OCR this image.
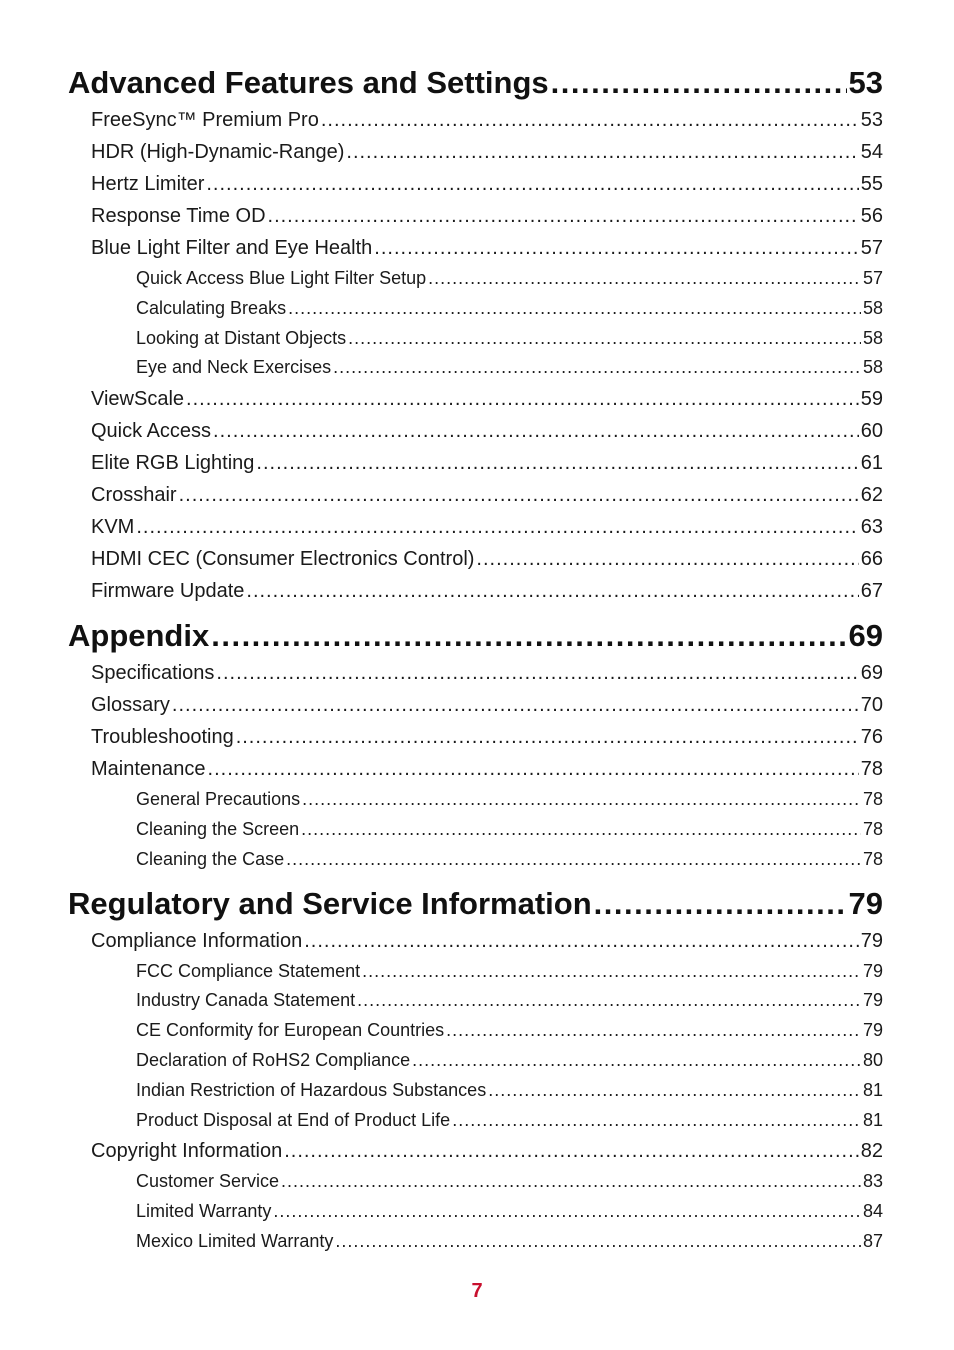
Advanced Features and Settings .....	53
FreeSync™ Premium Pro .....	53
HDR (High-Dynamic-Range) .....	54
Hertz Limiter .....	55
Response Time OD .....	56
Blue Light Filter and Eye Health .....	57
Quick Access Blue Light Filter Setup .....	57
Calculating Breaks .....	58
Looking at Distant Objects .....	58
Eye and Neck Exercises .....	58
ViewScale .....	59
Quick Access .....	60
Elite RGB Lighting .....	61
Crosshair .....	62
KVM .....	63
HDMI CEC (Consumer Electronics Control) .....	66
Firmware Update .....	67
Appendix .....	69
Specifications .....	69
Glossary .....	70
Troubleshooting .....	76
Maintenance .....	78
General Precautions .....	78
Cleaning the Screen .....	78
Cleaning the Case .....	78
Regulatory and Service Information .....	79
Compliance Information .....	79
FCC Compliance Statement .....	79
Industry Canada Statement .....	79
CE Conformity for European Countries .....	79
Declaration of RoHS2 Compliance .....	80
Indian Restriction of Hazardous Substances .....	81
Product Disposal at End of Product Life .....	81
Copyright Information .....	82
Customer Service .....	83
Limited Warranty .....	84
Mexico Limited Warranty .....	87
7
